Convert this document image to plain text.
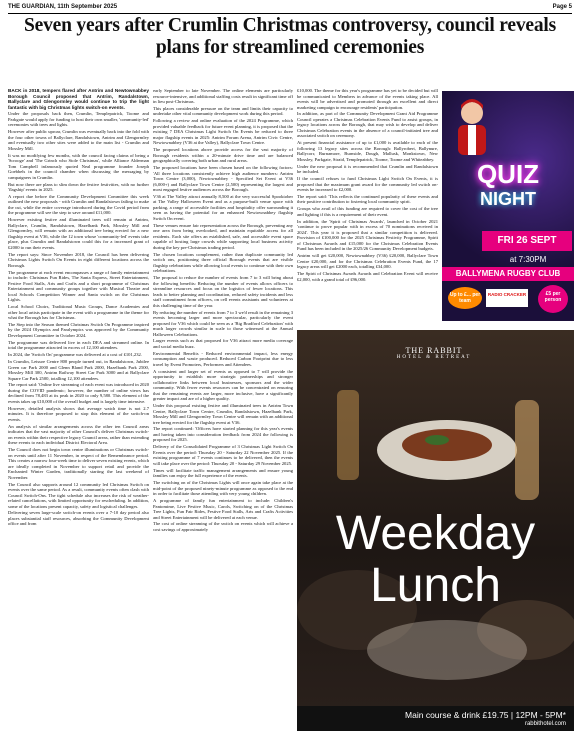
THE GUARDIAN, 11th September 2025	Page 5
Seven years after Crumlin Christmas controversy, council reveals plans for streamlined ceremonies

BACK in 2018, tempers flared after Antrim and Newtownabbey Borough Council proposed that Antrim, Randalstown, Ballyclare and Glengormley would continue to trip the light fantastic with big Christmas lights switch-on events.

Under the proposals back then, Crumlin, Templepatrick, Toome and Parkgate would apply for funding to host their own smaller, 'community-led' ceremonies with trees and lights.

However after public uproar, Crumlin was eventually back into the fold with the four other towns of Ballyclare, Randalstown, Antrim and Glengormley and eventually two other sites were added to the main list - Crumlin and Mossley Mill.

It was no modifying few months, with the council facing claims of being a 'Scrooge' and 'The Grinch who Stole Christmas', while Alliance Alderman Tom Campbell infamously quoted Neal programme founder Joseph Goebbels in the council chamber when discussing the messaging by campaigners in Crumlin.

But now there are plans to slim down the festive festivities, with no further 'flagship' events in 2025.

A report due before the Community Development Committee this week outlined the new proposals - with Crumlin and Randalstown failing to make the cut, while the entire coverage introduced during the Covid period from the programme will see the step to save around £11,000.

However existing festive and illuminated trees will remain at Antrim, Ballyclare, Crumlin, Randalstown, Hazelbank Park, Mossley Mill and Glengormley, will remain with an additional tree being erected for a new flagship event at V36, while the 12 town whose 'community-led' events take place, plus Crumlin and Randalstown could this for a increased grant of £2000 to run their events.

The report says: Since November 2018, the Council has been delivering Christmas Lights Switch On Events in eight different locations across the Borough.

The programme at each event encompasses a range of family entertainment to include: Christmas Fun Rides, The Santa Express, Street Entertainment, Festive Food Stalls, Arts and Crafts and a short programme of Christmas Entertainment and community groups together with Musical Theatre and local Schools Competition Winner and Santa switch on the Christmas Lights.

Local School Choirs, Traditional Music Groups, Dance Academies and other local artists participate in the event with a programme in the theme for what the Borough has for Christmas.

The Step into the Season themed Christmas Switch On Programme inspired by the 2024 Olympics and Paralympics was approved by the Community Development Committee in October 2024.

The programme was delivered live in each DEA and streamed online. In total the programme attracted in excess of 12,100 attendees.

In 2024, the 'Switch On' programme was delivered at a cost of £101,232.

In Crumlin, Leisure Centre 800 people turned out, in Randalstown, Jubilee Green car Park 2000 and Glenn Bland Park 2000, Hazelbank Park 2500, Mossley Mill 300, Antrim Railway Street Car Park 3000 and at Ballyclare Square Car Park 2500, totalling 12,100 attendees.

The report said: 'Online live streaming of each event was introduced in 2020 during the COVID pandemic; however, the number of online views has declined from 78,483 at its peak in 2020 to only 9,580. This element of the events takes up £10,000 of the overall budget and is largely time intensive.

However, detailed analysis shows that average watch time is not 2.7 minutes. It is therefore proposed to stop this element of the switch-on events.

An analysis of similar arrangements across the other ten Council areas indicates that the vast majority of other Council's deliver Christmas switch-on events within their respective legacy Council areas, rather than extending these events to each individual District Electoral Area.

The Council does not begin town centre illuminations or Christmas switch-on events until after 11 November, in respect of the Remembrance period. This creates a narrow four-week time to deliver seven existing events, which are ideally completed in November to support retail and provide the Enchanted Winter Garden, traditionally starting the last weekend of November.

The Council also supports around 12 community led Christmas Switch on events over the same period. As a result, community events often clash with Council Switch-Ons. The tight schedule also increases the risk of weather-related cancellations, with limited opportunity for rescheduling. In addition, some of the locations present capacity, safety and logistical challenges.

Delivering seven large-scale switch-on events over a 7-10 day period also places substantial staff resources, absorbing the Community Development office and from

early September to late November. The online elements are particularly resource-intensive, and additional staffing costs result in significant time off in lieu post-Christmas.

This places considerable pressure on the team and limits their capacity to undertake other vital community development work during this period.

Following a review and online evaluation of the 2024 Programme, which provided valuable feedback for future event planning, it is proposed that the existing 7 DEA Christmas Light Switch On Events be reduced to three major flagship events in 2025: Antrim Forum Arena, Antrim Civic Centre, Newtownabbey (V36 at the Valley), Ballyclare Town Centre.

The proposed locations above provide access for the vast majority of Borough residents within a 20-minute drive time and are balanced geographically covering both urban and rural areas.

The proposed locations have been chosen based on the following factors: 'All three locations consistently achieve high audience numbers: Antrim Town Centre (3,000), Newtownabbey - Specified Set Event at V36 (6,000+) and Ballyclare Town Centre (2,500) representing the largest and most engaged festive audiences across the Borough.

V36 at The Valley attract annually 8,500 at the very successful Spooktober at The Valley Halloween Event and as a purpose-built venue space with parking, a range of accessible facilities and hospitality offer surrounding it seen as having the potential for an enhanced Newtownabbey flagship Switch On event.

These venues ensure fair representation across the Borough, preventing any one area from being overlooked, and maintain equitable access for all residents. Each site offers an established, safe, and accessible event space capable of hosting large crowds while supporting local business activity during the key pre-Christmas trading period.

The chosen locations complement, rather than duplicate community led switch ons, positioning three official Borough events that are visible flagship celebrations while allowing local events to continue with their own celebrations.

The proposal to reduce the number of events from 7 to 3 will bring about the following benefits: Reducing the number of events allows officers to streamline resources and focus on the logistics of fewer locations. This leads to better planning and coordination, reduced safety incidents and less staff commitment from officers, on cell events assistants and volunteers at this challenging time of the year.

By reducing the number of events from 7 to 3 we'd result in the remaining 3 events becoming larger and more spectacular, particularly the event proposed for V36 which could be seen as a 'Big Bradford Celebration' with much larger crowds similar in scale to those witnessed at the Annual Halloween Celebrations.

Larger events such as that proposed for V36 attract more media coverage and social media buzz.

Environmental Benefits - Reduced environmental impact, less energy consumption and waste produced. Reduced Carbon Footprint due to less travel by Event Promoters, Performers and Attendees.

A consistent and larger set of events as opposed to 7 will provide the opportunity to establish more strategic partnerships and stronger collaborative links between local businesses, sponsors and the wider community. With fewer events resources can be concentrated on ensuring that the remaining events are larger, more inclusive, have a significantly greater impact and are of a higher quality.

Under this proposal existing festive and illuminated trees in Antrim Town Centre, Ballyclare Town Centre, Crumlin, Randalstown, Hazelbank Park, Mossley Mill and Glengormley Town Centre will remain with an additional tree being erected for the flagship event at V36.

The report continued: 'Officers have started planning for this year's events and having taken into consideration feedback from 2024 the following is proposed for 2025.

Delivery of the Consolidated Programme of 3 Christmas Light Switch On Events over the period: Thursday 20 - Saturday 22 November 2025. If the existing programme of 7 events continues to be delivered, then the events will take place over the period: Thursday 20 - Saturday 29 November 2025.

Times will facilitate traffic management arrangements and ensure young families can enjoy the full experience of the events.

The switching on of the Christmas Lights will once again take place at the mid-point of the proposed ninety-minute programme as opposed to the end in order to facilitate those attending with very young children.

A programme of family fun entertainment to include: Children's Pantomime, Live Festive Music, Carols, Switching on of the Christmas Tree Lights, Fun Fair Rides, Festive Food Stalls, Arts and Crafts Activities and Street Entertainment will be delivered at each venue.

The cost of online streaming of the switch on events which will achieve a cost savings of approximately

£10,000. The theme for this year's programme has yet to be decided but will be communicated to Members in advance of the events taking place. All events will be advertised and promoted through an excellent and direct marketing campaign to encourage residents' participation.

In addition, as part of the Community Development Grant Aid Programme Council operates a Christmas Celebration Events Fund to assist groups, in legacy locations across the Borough, that may wish to develop and deliver Christmas Celebration events in the absence of a council-initiated tree and associated switch on ceremony.

At present financial assistance of up to £1,000 is available to each of the following 13 legacy sites across the Borough: Ballyrobert, Ballynure, Ballycorr, Burnamore, Burnside, Dough, Mallusk, Monkstown, New Mossley, Parkgate, Straid, Templepatrick, Toome, Toome and Whiteabbey.

Under the new proposal it is recommended that Crumlin and Randalstown be included.

If the council refuses to fund Christmas Light Switch On Events, it is proposed that the maximum grant award for the community led switch on-events be increased to £2,000.

The report said: 'This reflects the continued popularity of these events and their positive contribution to fostering local community spirit.

Groups who avail of this funding are required to cover the cost of the tree and lighting if this is a requirement of their event.

In addition, the 'Spirit of Christmas Awards', launched in October 2021 'continue to prove popular with in excess of 70 nominations received in 2024'. This year it is proposed that a similar competition is delivered. Provision of £100,000 for the 2025 Christmas Festivity Programme, Spirit of Christmas Awards and £15,000 for the Christmas Celebration Events Fund has been included in the 2025/26 Community Development budgets.

Antrim will get £20,000, Newtownabbey (V36) £20,000, Ballyclare Town Centre £20,000, and for the Christmas Celebration Events Fund, the 17 legacy areas will get £2000 each, totalling £34,000.

The Spirit of Christmas Awards Awards and Celebration Event will receive £2,000, with a grand total of £96,000.

QUIZ
NIGHT
FRI 26 SEPT
at 7:30PM
BALLYMENA RUGBY CLUB
Up to £... per team
RADIO CRACKER	£5 per person
THE RABBIT
HOTEL & RETREAT
Weekday
Lunch
Main course & drink £19.75 | 12PM - 5PM*
rabbithotel.com
